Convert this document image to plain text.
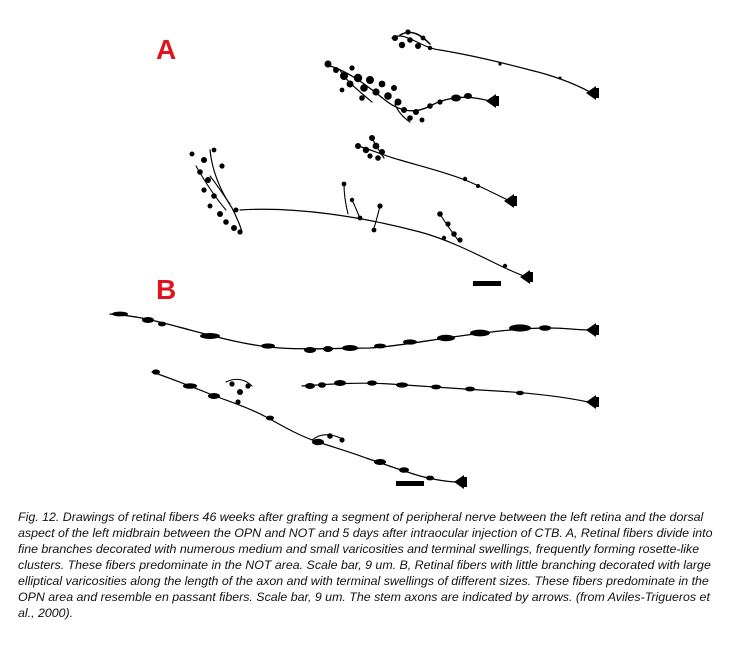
A
B
Fig. 12. Drawings of retinal fibers 46 weeks after grafting a segment of peripheral nerve between the left retina and the dorsal aspect of the left midbrain between the OPN and NOT and 5 days after intraocular injection of CTB. A, Retinal fibers divide into fine branches decorated with numerous medium and small varicosities and terminal swellings, frequently forming rosette-like clusters. These fibers predominate in the NOT area. Scale bar, 9 um. B, Retinal fibers with little branching decorated with large elliptical varicosities along the length of the axon and with terminal swellings of different sizes. These fibers predominate in the OPN area and resemble en passant fibers. Scale bar, 9 um. The stem axons are indicated by arrows. (from Aviles-Trigueros et al., 2000).
